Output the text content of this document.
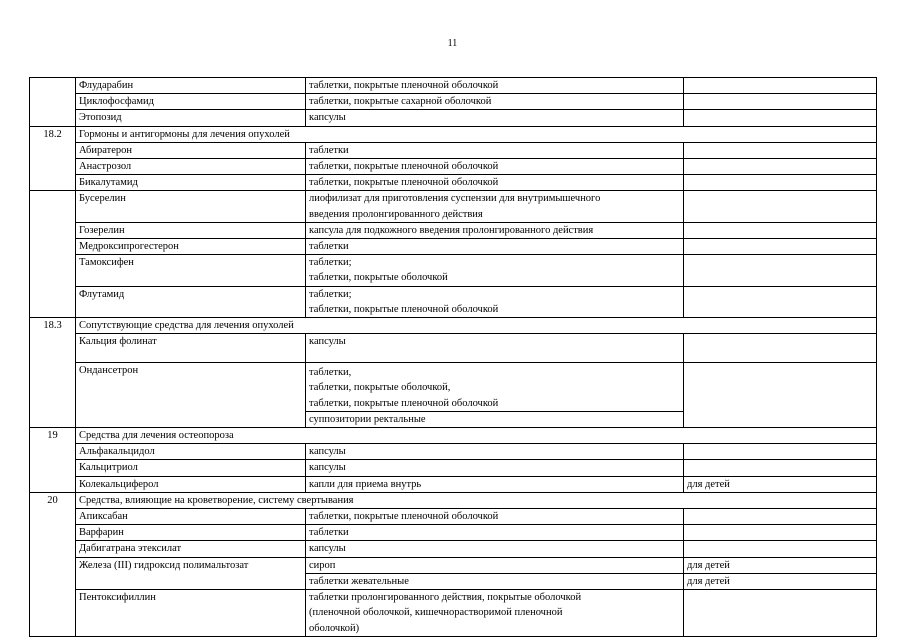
11
	Флударабин	таблетки, покрытые пленочной оболочкой	
	Циклофосфамид	таблетки, покрытые сахарной оболочкой	
	Этопозид	капсулы	
18.2	Гормоны и антигормоны для лечения опухолей		
	Абиратерон	таблетки	
	Анастрозол	таблетки, покрытые пленочной оболочкой	
	Бикалутамид	таблетки, покрытые пленочной оболочкой	
	Бусерелин	лиофилизат для приготовления суспензии для внутримышечного
введения пролонгированного действия	

	Гозерелин	капсула для подкожного введения пролонгированного действия	
	Медроксипрогестерон	таблетки	
	Тамоксифен	таблетки;
таблетки, покрытые оболочкой	

	Флутамид	таблетки;
таблетки, покрытые пленочной оболочкой	

18.3	Сопутствующие средства для лечения опухолей		
	Кальция фолинат	капсулы	
	Ондансетрон	таблетки,
таблетки, покрытые оболочкой,
таблетки, покрытые пленочной оболочкой	

		суппозитории ректальные	
19	Средства для лечения остеопороза		
	Альфакальцидол	капсулы	
	Кальцитриол	капсулы	
	Колекальциферол	капли для приема внутрь	для детей
20	Средства, влияющие на кроветворение, систему свертывания		
	Апиксабан	таблетки, покрытые пленочной оболочкой	
	Варфарин	таблетки	
	Дабигатрана этексилат	капсулы	
	Железа (III) гидроксид полимальтозат	сироп	для детей
		таблетки жевательные	для детей
	Пентоксифиллин	таблетки пролонгированного действия, покрытые оболочкой
(пленочной оболочкой, кишечнорастворимой пленочной
оболочкой)	
